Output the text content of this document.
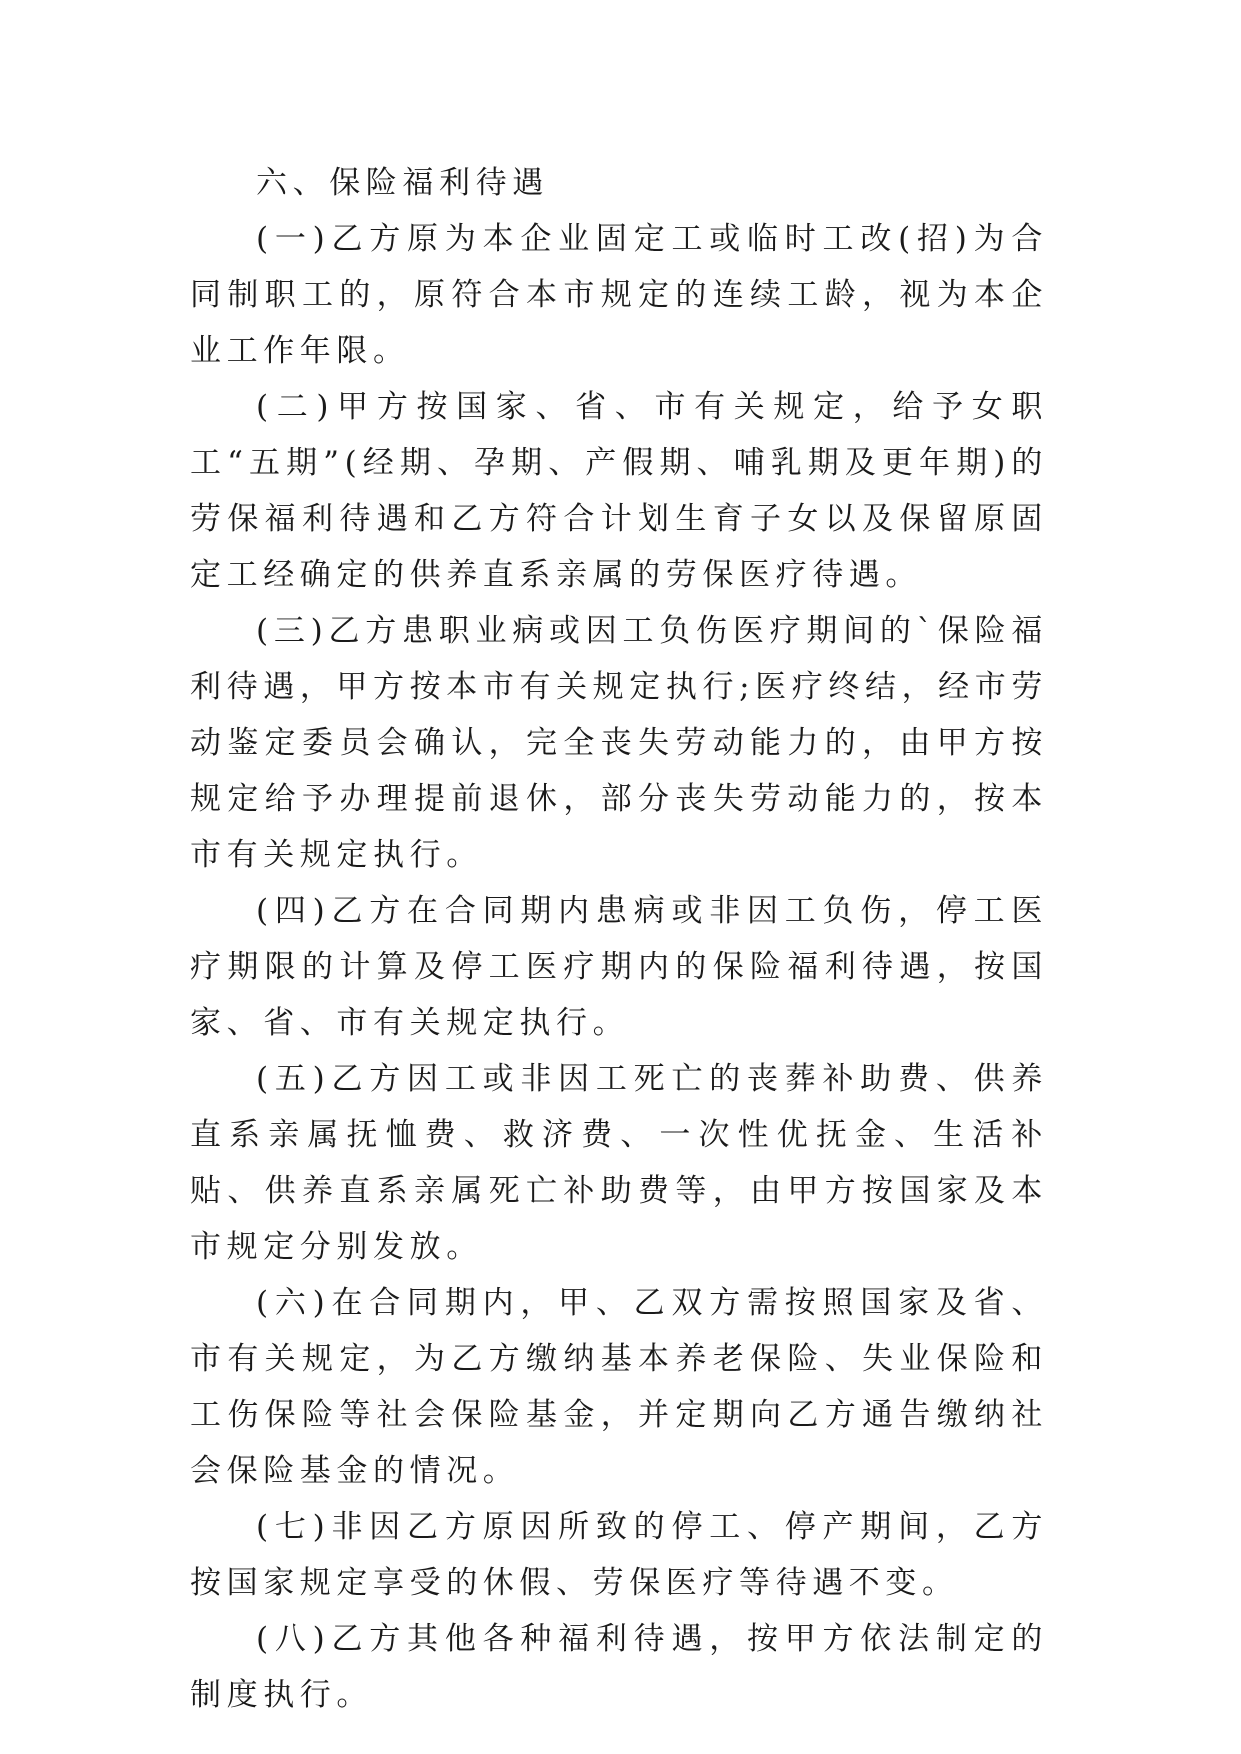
六、保险福利待遇

(一)乙方原为本企业固定工或临时工改(招)为合同制职工的，原符合本市规定的连续工龄，视为本企业工作年限。

(二)甲方按国家、省、市有关规定，给予女职工“五期”(经期、孕期、产假期、哺乳期及更年期)的劳保福利待遇和乙方符合计划生育子女以及保留原固定工经确定的供养直系亲属的劳保医疗待遇。

(三)乙方患职业病或因工负伤医疗期间的`保险福利待遇，甲方按本市有关规定执行;医疗终结，经市劳动鉴定委员会确认，完全丧失劳动能力的，由甲方按规定给予办理提前退休，部分丧失劳动能力的，按本市有关规定执行。

(四)乙方在合同期内患病或非因工负伤，停工医疗期限的计算及停工医疗期内的保险福利待遇，按国家、省、市有关规定执行。

(五)乙方因工或非因工死亡的丧葬补助费、供养直系亲属抚恤费、救济费、一次性优抚金、生活补贴、供养直系亲属死亡补助费等，由甲方按国家及本市规定分别发放。

(六)在合同期内，甲、乙双方需按照国家及省、市有关规定，为乙方缴纳基本养老保险、失业保险和工伤保险等社会保险基金，并定期向乙方通告缴纳社会保险基金的情况。

(七)非因乙方原因所致的停工、停产期间，乙方按国家规定享受的休假、劳保医疗等待遇不变。

(八)乙方其他各种福利待遇，按甲方依法制定的制度执行。
